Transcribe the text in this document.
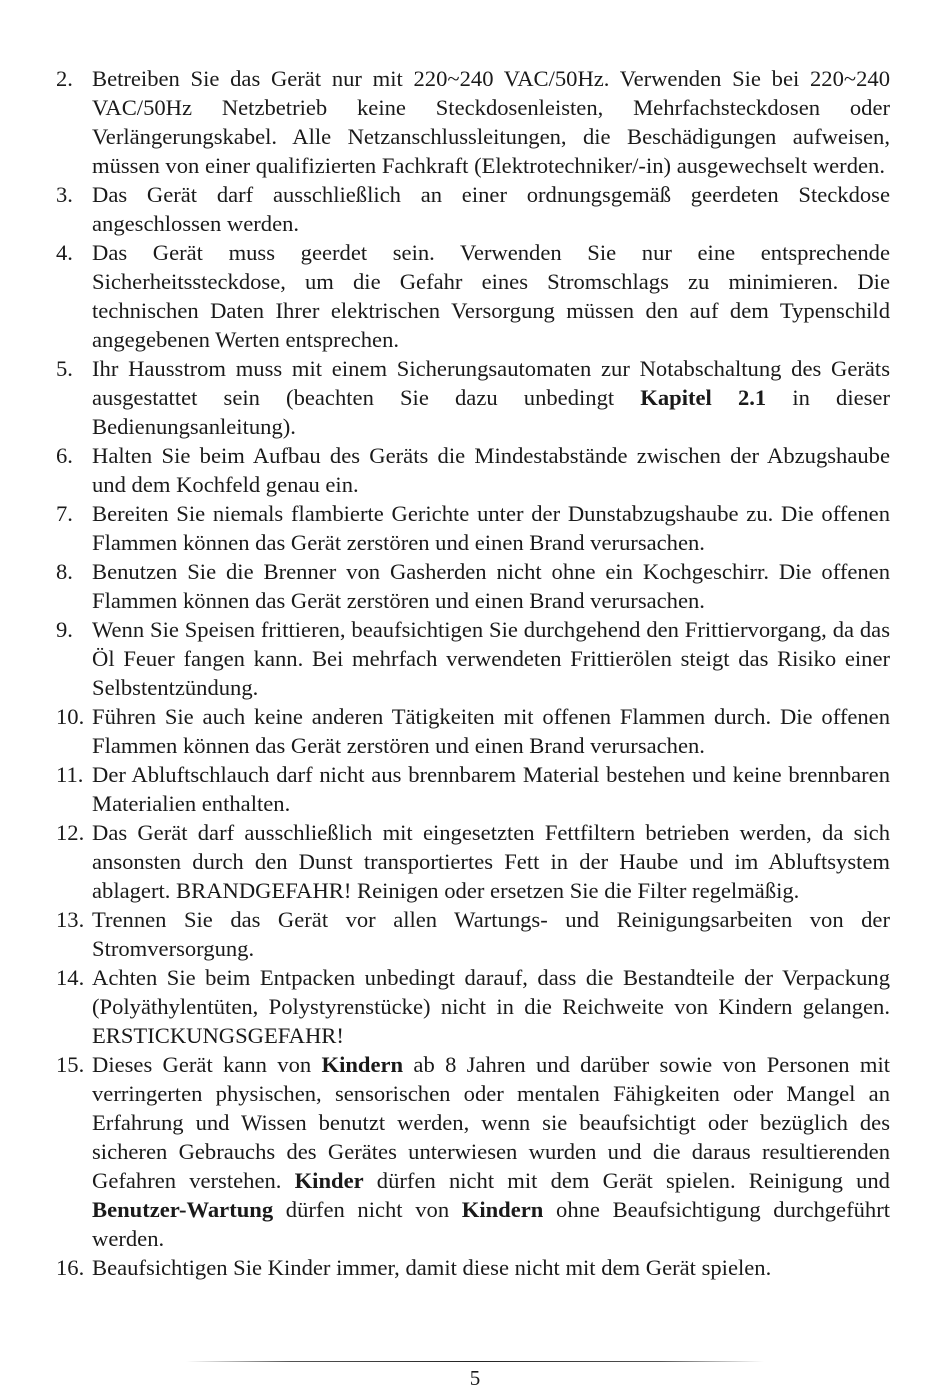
2. Betreiben Sie das Gerät nur mit 220~240 VAC/50Hz. Verwenden Sie bei 220~240 VAC/50Hz Netzbetrieb keine Steckdosenleisten, Mehrfachsteckdosen oder Verlängerungskabel. Alle Netzanschlussleitungen, die Beschädigungen aufweisen, müssen von einer qualifizierten Fachkraft (Elektrotechniker/-in) ausgewechselt werden.
3. Das Gerät darf ausschließlich an einer ordnungsgemäß geerdeten Steckdose angeschlossen werden.
4. Das Gerät muss geerdet sein. Verwenden Sie nur eine entsprechende Sicherheitssteckdose, um die Gefahr eines Stromschlags zu minimieren. Die technischen Daten Ihrer elektrischen Versorgung müssen den auf dem Typenschild angegebenen Werten entsprechen.
5. Ihr Hausstrom muss mit einem Sicherungsautomaten zur Notabschaltung des Geräts ausgestattet sein (beachten Sie dazu unbedingt Kapitel 2.1 in dieser Bedienungsanleitung).
6. Halten Sie beim Aufbau des Geräts die Mindestabstände zwischen der Abzugshaube und dem Kochfeld genau ein.
7. Bereiten Sie niemals flambierte Gerichte unter der Dunstabzugshaube zu. Die offenen Flammen können das Gerät zerstören und einen Brand verursachen.
8. Benutzen Sie die Brenner von Gasherden nicht ohne ein Kochgeschirr. Die offenen Flammen können das Gerät zerstören und einen Brand verursachen.
9. Wenn Sie Speisen frittieren, beaufsichtigen Sie durchgehend den Frittiervorgang, da das Öl Feuer fangen kann. Bei mehrfach verwendeten Frittierölen steigt das Risiko einer Selbstentzündung.
10. Führen Sie auch keine anderen Tätigkeiten mit offenen Flammen durch. Die offenen Flammen können das Gerät zerstören und einen Brand verursachen.
11. Der Abluftschlauch darf nicht aus brennbarem Material bestehen und keine brennbaren Materialien enthalten.
12. Das Gerät darf ausschließlich mit eingesetzten Fettfiltern betrieben werden, da sich ansonsten durch den Dunst transportiertes Fett in der Haube und im Abluftsystem ablagert. BRANDGEFAHR! Reinigen oder ersetzen Sie die Filter regelmäßig.
13. Trennen Sie das Gerät vor allen Wartungs- und Reinigungsarbeiten von der Stromversorgung.
14. Achten Sie beim Entpacken unbedingt darauf, dass die Bestandteile der Verpackung (Polyäthylentüten, Polystyrenstücke) nicht in die Reichweite von Kindern gelangen. ERSTICKUNGSGEFAHR!
15. Dieses Gerät kann von Kindern ab 8 Jahren und darüber sowie von Personen mit verringerten physischen, sensorischen oder mentalen Fähigkeiten oder Mangel an Erfahrung und Wissen benutzt werden, wenn sie beaufsichtigt oder bezüglich des sicheren Gebrauchs des Gerätes unterwiesen wurden und die daraus resultierenden Gefahren verstehen. Kinder dürfen nicht mit dem Gerät spielen. Reinigung und Benutzer-Wartung dürfen nicht von Kindern ohne Beaufsichtigung durchgeführt werden.
16. Beaufsichtigen Sie Kinder immer, damit diese nicht mit dem Gerät spielen.
5
